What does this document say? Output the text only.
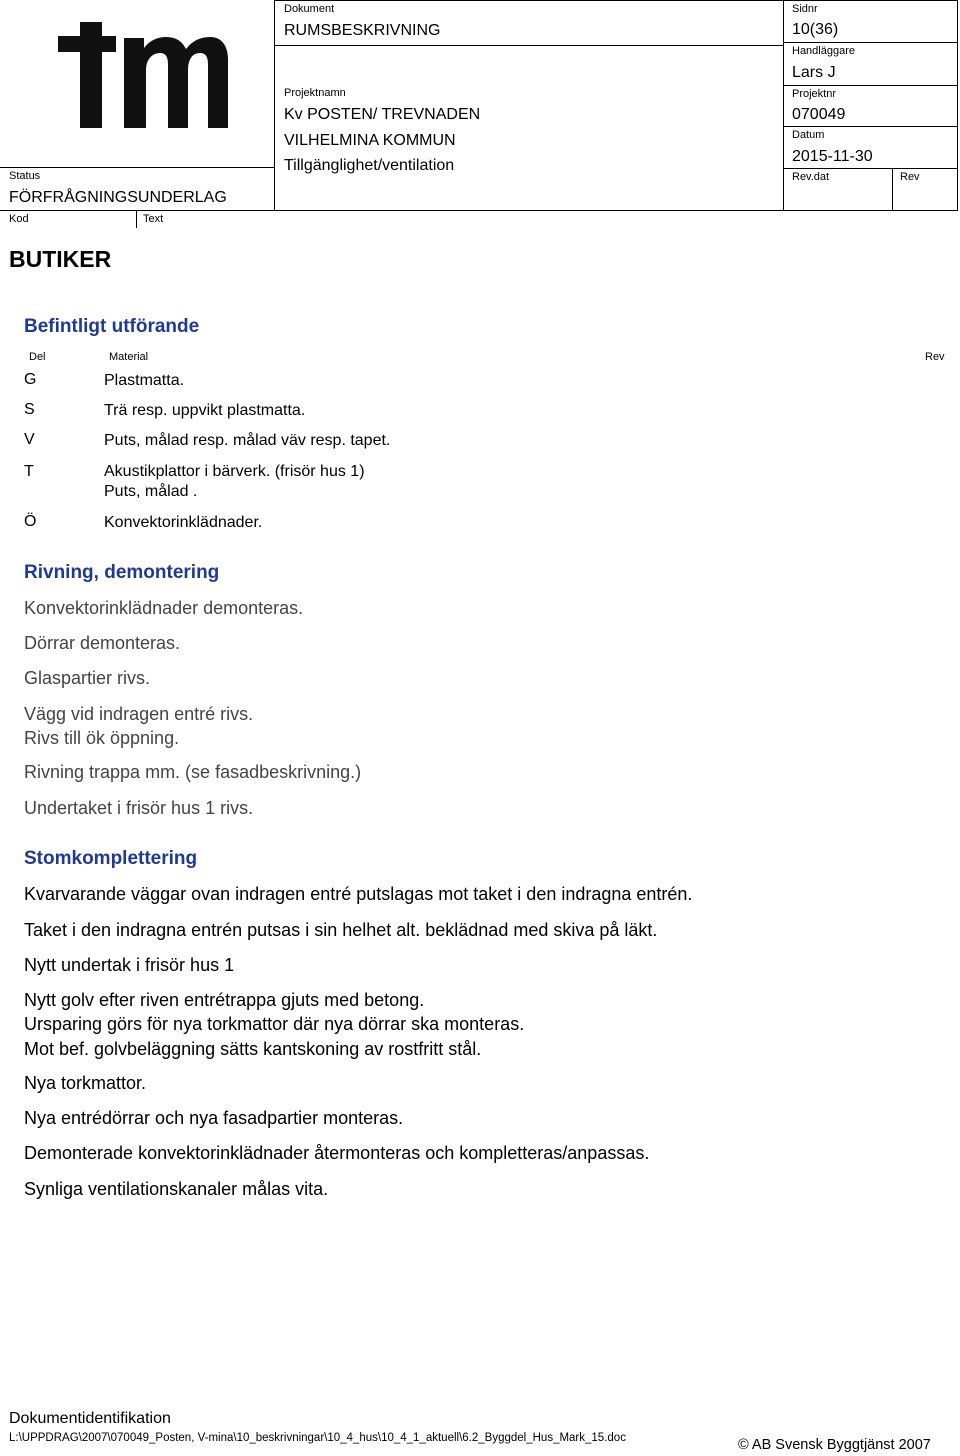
Status
FÖRFRÅGNINGSUNDERLAG
Kod	Text
Dokument
RUMSBESKRIVNING
Projektnamn
Kv POSTEN/ TREVNADEN
VILHELMINA KOMMUN
Tillgänglighet/ventilation
Sidnr
10(36)
Handläggare
Lars J
Projektnr
070049
Datum
2015-11-30
Rev.dat	Rev
BUTIKER
Befintligt utförande
Del	Material	Rev
G	Plastmatta.
S	Trä resp. uppvikt plastmatta.
V	Puts, målad resp. målad väv resp. tapet.
T	Akustikplattor i bärverk. (frisör hus 1)
Puts, målad .
Ö	Konvektorinklädnader.
Rivning, demontering
Konvektorinklädnader demonteras.
Dörrar demonteras.
Glaspartier rivs.
Vägg vid indragen entré rivs.
Rivs till ök öppning.
Rivning trappa mm. (se fasadbeskrivning.)
Undertaket i frisör hus 1 rivs.
Stomkomplettering
Kvarvarande väggar ovan indragen entré putslagas mot taket i den indragna entrén.
Taket i den indragna entrén putsas i sin helhet alt. beklädnad med skiva på läkt.
Nytt undertak i frisör hus 1
Nytt golv efter riven entrétrappa gjuts med betong.
Ursparing görs för nya torkmattor där nya dörrar ska monteras.
Mot bef. golvbeläggning sätts kantskoning av rostfritt stål.
Nya torkmattor.
Nya entrédörrar och nya fasadpartier monteras.
Demonterade konvektorinklädnader återmonteras och kompletteras/anpassas.
Synliga ventilationskanaler målas vita.
Dokumentidentifikation
L:\UPPDRAG\2007\070049_Posten, V-mina\10_beskrivningar\10_4_hus\10_4_1_aktuell\6.2_Byggdel_Hus_Mark_15.doc	© AB Svensk Byggtjänst 2007
